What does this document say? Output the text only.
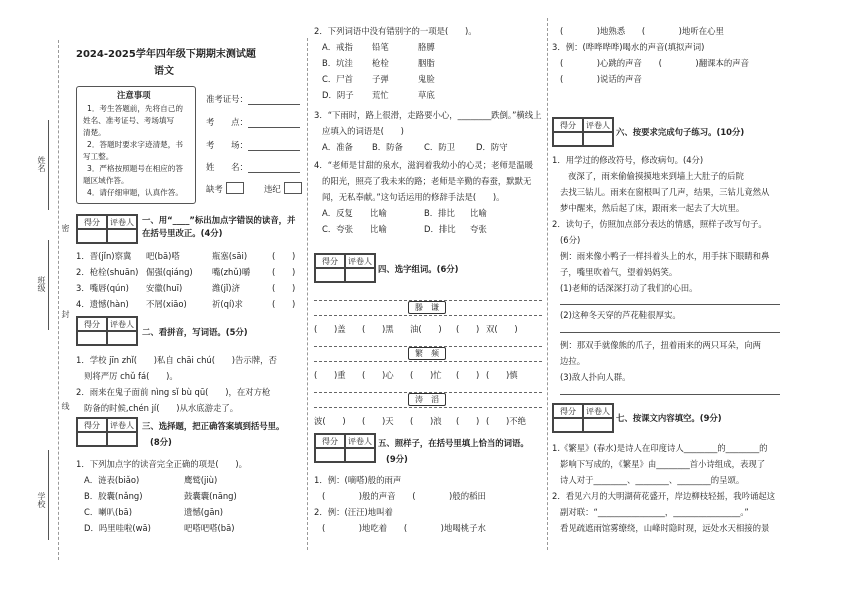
姓名
密
班级
封
线
学校
2024-2025学年四年级下期期末测试题
语文
注意事项
1．考生答题前，先将自己的
姓名、准考证号、考场填写
清楚。
2．答题时要求字迹清楚，书
写工整。
3．严格按照题号在相应的答
题区域作答。
4．请仔细审题，认真作答。
准考证号：
考　　点：
考　　场：
姓　　名：
缺考	违纪
得分	评卷人 一、用“____”标出加点字错误的读音，并在括号里改正。(4分)
1．晋(jǐn)察冀 吧(bā)嗒	瓶塞(sāi)	(　　)
2．枪栓(shuān) 倔强(qiáng) 嘴(zhǔ)嚼	(　　)
3．嘴唇(qún) 安徽(huī)	潍(jǐ)济	(　　)
4．遗憾(hàn) 不屑(xiāo)	祈(qí)求	(　　)
得分	评卷人
二、看拼音，写词语。(5分)
1．学校 jīn zhǐ(　　)私自 chāi chú(　　)告示牌，否
则将严厉 chǔ fá(　　)。
2．雨来在鬼子面前 nìng sǐ bù qū(　　)，在对方枪
防备的时候,chén jí(　　)从水底游走了。
得分	评卷人 三、选择题，把正确答案填到括号里。
(8分)
1．下列加点字的读音完全正确的项是(　　)。
A．涟表(biǎo)	鹰鹫(jiù)
B．胶囊(nǎng)	鼓囊囊(nāng)
C．喇叭(bā)	遗憾(gān)
D．吗里哇啦(wā)	吧嗒吧嗒(bā)
2．下列词语中没有错别字的一项是(　　)。
A．戒指 铅笔	胳膊
B．坑洼 枪栓	胭脂
C．尸首 子弹	鬼脸
D．阴子 荒忙	草底
3．“下雨时，路上很滑，走路要小心，________跌倒。”横线上
应填入的词语是(　　)
A．准备 B．防备	C．防卫	D．防守
4．“老师是甘甜的泉水，滋润着我幼小的心灵；老师是温暖
的阳光，照亮了我未来的路；老师是辛勤的春蚕，默默无
闻，无私奉献。”这句话运用的修辞手法是(　　)。
A．反复 比喻	B．排比 比喻
C．夸张 比喻	D．排比 夸张
得分	评卷人
四、选字组词。(6分)
滕　谦
(　　)盖 (　　)黑 油(　　) (　　) 双(　　)
繁　频
(　　)重 (　　)心 (　　)忙 (　　) (　　)慎
涛　滔
波(　　) (　　)天 (　　)浪 (　　) (　　)不绝
得分	评卷人 五、照样子，在括号里填上恰当的词语。
(9分)
1．例：(嘀嗒)般的雨声
(　　　　)般的声音　　(　　　　)般的稻田
2．例：(汪汪)地叫着
(　　　　)地吃着　　(　　　　)地喝桃子水
(　　　　)地熟悉　　(　　　　)地听在心里
3．例：(哗哗哗哗)喝水的声音(填拟声词)
(　　　　)心跳的声音　　(　　　　)翻课本的声音
(　　　　)说话的声音
得分	评卷人
六、按要求完成句子练习。(10分)
1．用学过的修改符号，修改病句。(4分)
夜深了，雨来偷偷摸摸地来到墙上大肚子的后院
去找三钻儿。雨来在窗根叫了几声，结果，三钻儿竟然从
梦中醒来，然后起了床，跟雨来一起去了大坑里。
2．读句子，仿照加点部分表达的情感，照样子改写句子。
(6分)
例：雨来像小鸭子一样抖着头上的水，用手抹下眼睛和鼻
子，嘴里吹着气，望着妈妈笑。
(1)老师的话深深打动了我们的心田。
(2)这种冬天穿的芦花鞋很厚实。
例：那双手就像熊的爪子，扭着雨来的两只耳朵，向两
边拉。
(3)敌人扑向人群。
得分	评卷人
七、按课文内容填空。(9分)
1.《繁星》(春水)是诗人在印度诗人________的________的
影响下写成的，《繁星》由________首小诗组成，表现了
诗人对于________、________、________的呈颂。
2．看见六月的大明湖荷花盛开，岸边柳枝轻摇，我吟诵起这
副对联：“________________，________________。”
看见疏遮雨馆雾缭绕，山峰时隐时现，远处水天相接的景
